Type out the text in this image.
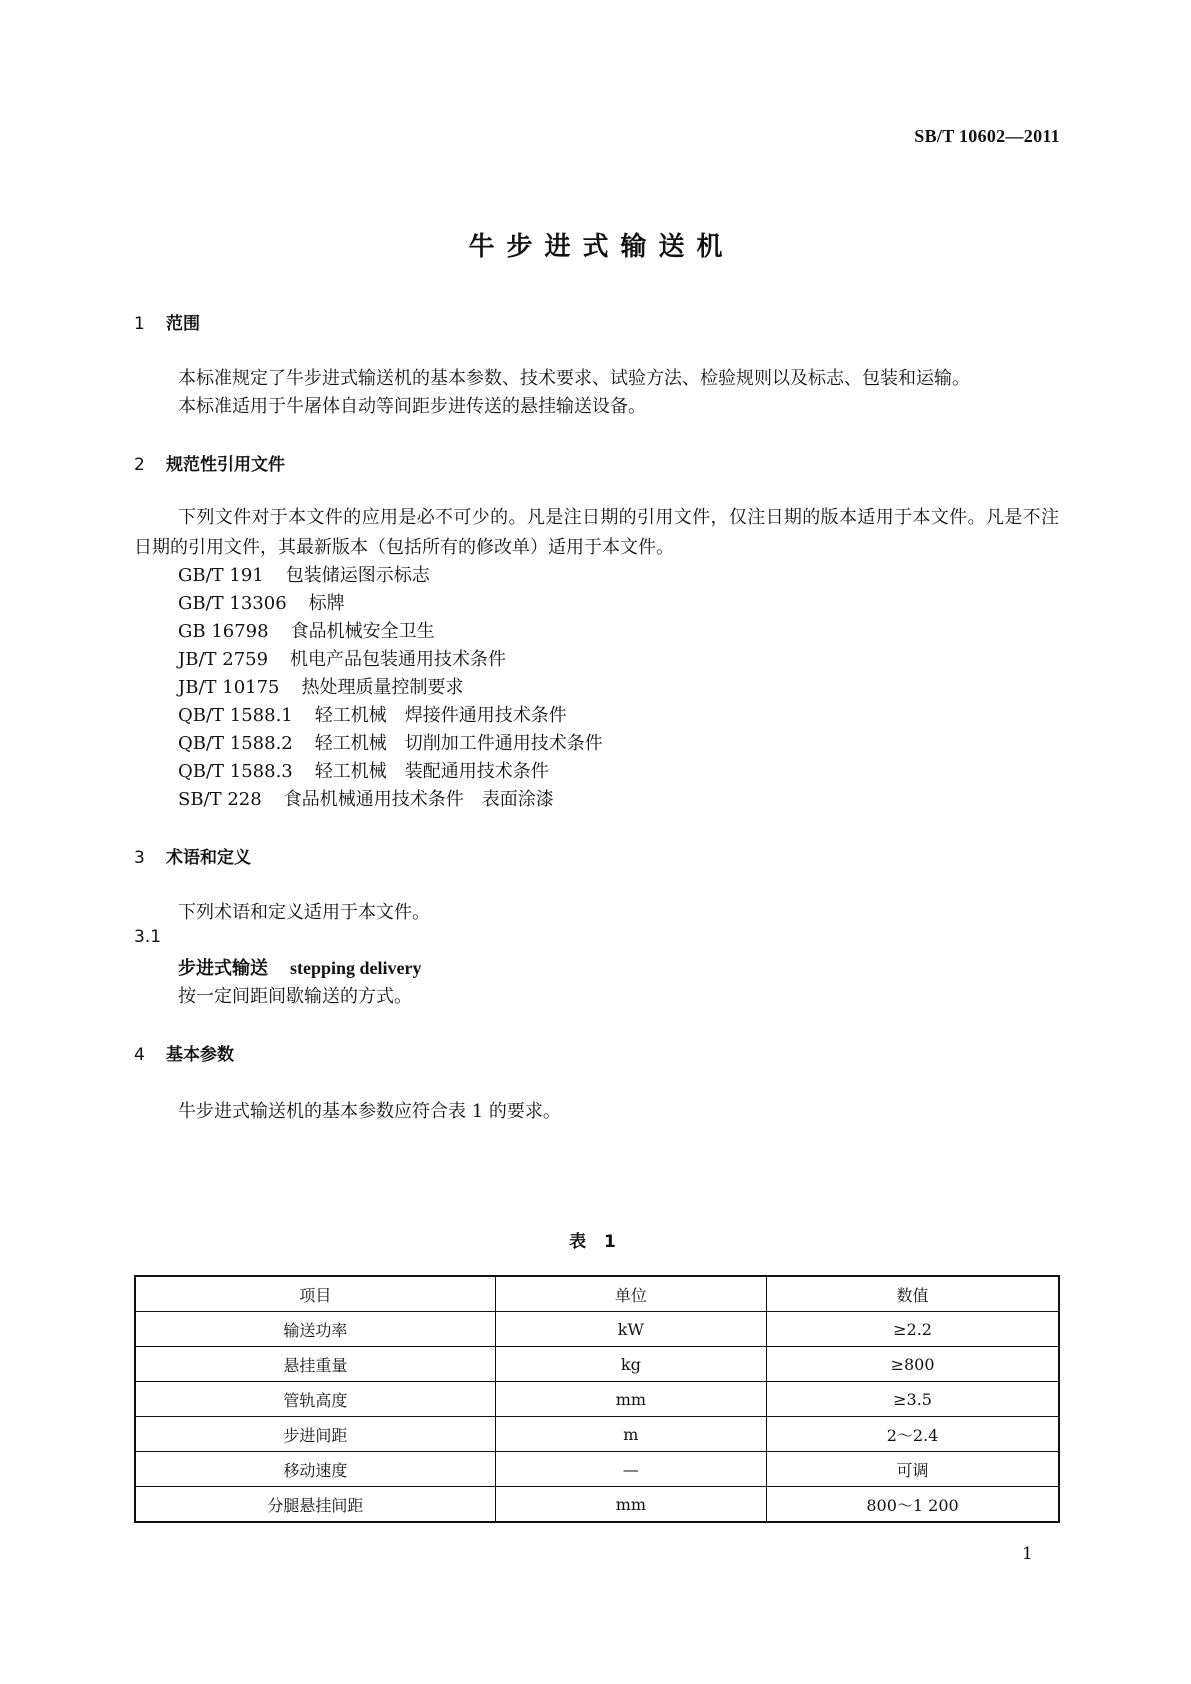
SB/T 10602—2011
牛步进式输送机
1 范围
本标准规定了牛步进式输送机的基本参数、技术要求、试验方法、检验规则以及标志、包装和运输。
本标准适用于牛屠体自动等间距步进传送的悬挂输送设备。
2 规范性引用文件
下列文件对于本文件的应用是必不可少的。凡是注日期的引用文件，仅注日期的版本适用于本文件。凡是不注日期的引用文件，其最新版本（包括所有的修改单）适用于本文件。
GB/T 191 包装储运图示标志
GB/T 13306 标牌
GB 16798 食品机械安全卫生
JB/T 2759 机电产品包装通用技术条件
JB/T 10175 热处理质量控制要求
QB/T 1588.1 轻工机械　焊接件通用技术条件
QB/T 1588.2 轻工机械　切削加工件通用技术条件
QB/T 1588.3 轻工机械　装配通用技术条件
SB/T 228 食品机械通用技术条件　表面涂漆
3 术语和定义
下列术语和定义适用于本文件。
3.1
步进式输送 stepping delivery
按一定间距间歇输送的方式。
4 基本参数
牛步进式输送机的基本参数应符合表 1 的要求。
表 1
项目	单位	数值
输送功率	kW	≥2.2
悬挂重量	kg	≥800
管轨高度	mm	≥3.5
步进间距	m	2～2.4
移动速度	—	可调
分腿悬挂间距	mm	800～1 200
1
